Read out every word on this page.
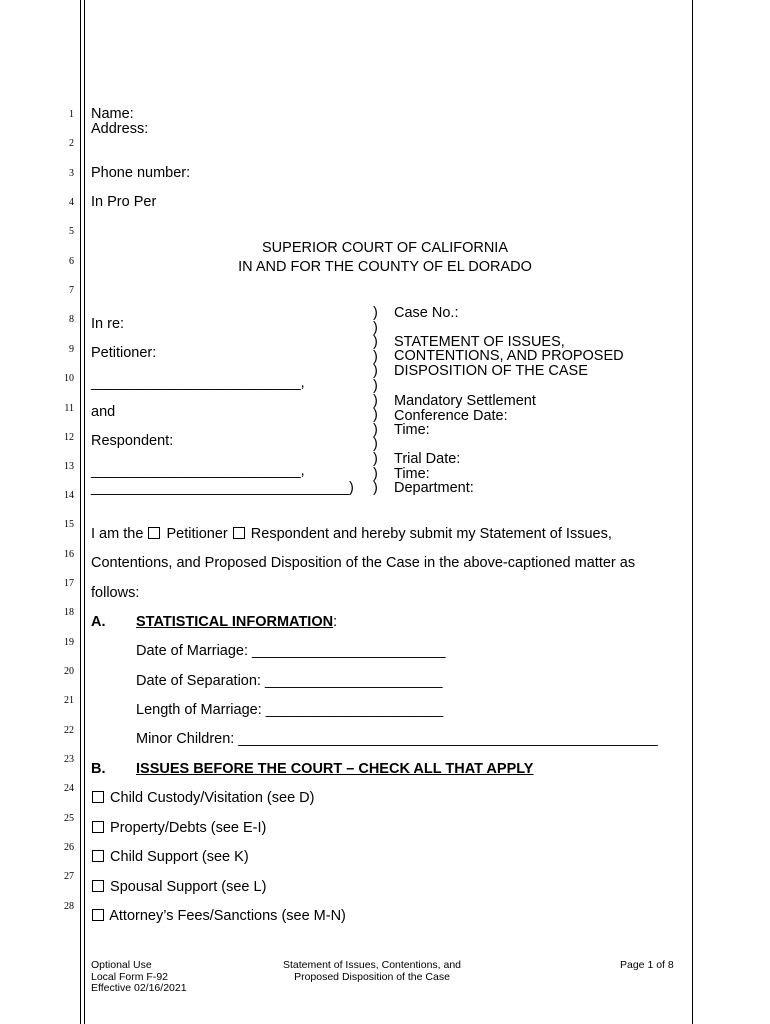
1
2
3
4
5
6
7
8
9
10
11
12
13
14
15
16
17
18
19
20
21
22
23
24
25
26
27
28
Name:
Address:
Phone number:
In Pro Per
SUPERIOR COURT OF CALIFORNIA
IN AND FOR THE COUNTY OF EL DORADO
In re:
Petitioner:
__________________________,
and
Respondent:
__________________________,
________________________________)
)
)
)
)
)
)
)
)
)
)
)
)
)
Case No.:
STATEMENT OF ISSUES,
CONTENTIONS, AND PROPOSED
DISPOSITION OF THE CASE
Mandatory Settlement
Conference Date:
Time:
Trial Date:
Time:
Department:
I am the Petitioner Respondent and hereby submit my Statement of Issues,
Contentions, and Proposed Disposition of the Case in the above-captioned matter as
follows:
A. STATISTICAL INFORMATION:
Date of Marriage: ________________________
Date of Separation: ______________________
Length of Marriage: ______________________
Minor Children: ____________________________________________________
B. ISSUES BEFORE THE COURT – CHECK ALL THAT APPLY
Child Custody/Visitation (see D)
Property/Debts (see E-I)
Child Support (see K)
Spousal Support (see L)
Attorney’s Fees/Sanctions (see M-N)
Optional Use
Local Form F-92
Effective 02/16/2021
Statement of Issues, Contentions, and
Proposed Disposition of the Case
Page 1 of 8
